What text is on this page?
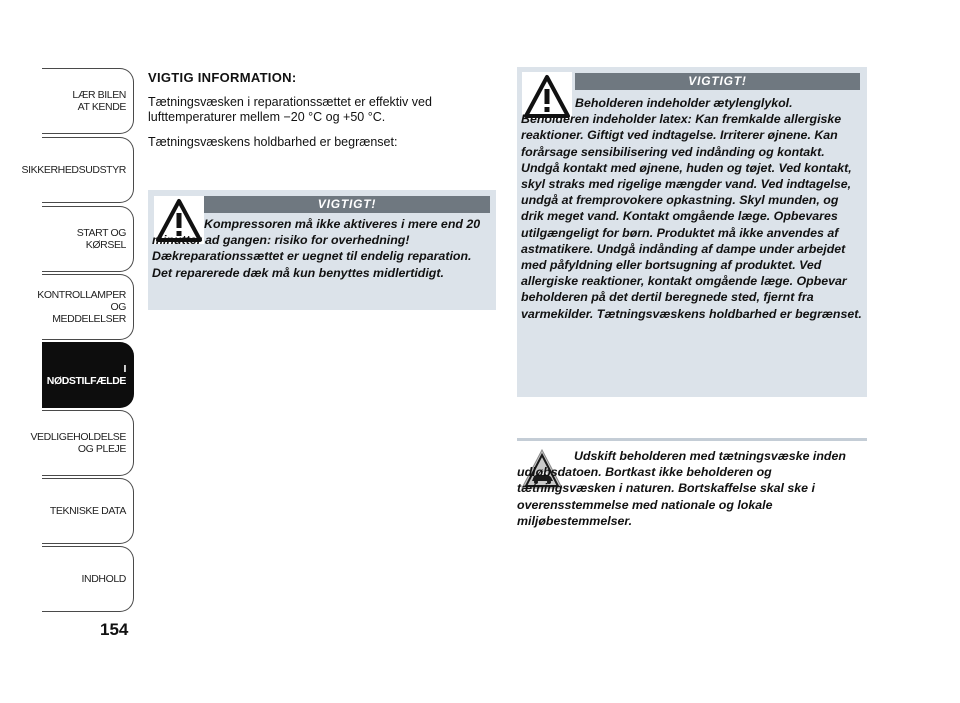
LÆR BILEN
AT KENDE
SIKKERHEDSUDSTYR
START OG KØRSEL
KONTROLLAMPER
OG MEDDELELSER
I NØDSTILFÆLDE
VEDLIGEHOLDELSE
OG PLEJE
TEKNISKE DATA
INDHOLD
154
VIGTIG INFORMATION:
Tætningsvæsken i reparationssættet er effektiv ved lufttemperaturer mellem −20 °C og +50 °C.
Tætningsvæskens holdbarhed er begrænset:
VIGTIGT!
Kompressoren må ikke aktiveres i mere end 20 minutter ad gangen: risiko for overhedning! Dækreparationssættet er uegnet til endelig reparation. Det reparerede dæk må kun benyttes midlertidigt.
VIGTIGT!
Beholderen indeholder ætylenglykol. Beholderen indeholder latex: Kan fremkalde allergiske reaktioner. Giftigt ved indtagelse. Irriterer øjnene. Kan forårsage sensibilisering ved indånding og kontakt. Undgå kontakt med øjnene, huden og tøjet. Ved kontakt, skyl straks med rigelige mængder vand. Ved indtagelse, undgå at fremprovokere opkastning. Skyl munden, og drik meget vand. Kontakt omgående læge. Opbevares utilgængeligt for børn. Produktet må ikke anvendes af astmatikere. Undgå indånding af dampe under arbejdet med påfyldning eller bortsugning af produktet. Ved allergiske reaktioner, kontakt omgående læge. Opbevar beholderen på det dertil beregnede sted, fjernt fra varmekilder. Tætningsvæskens holdbarhed er begrænset.
Udskift beholderen med tætningsvæske inden udløbsdatoen. Bortkast ikke beholderen og tætningsvæsken i naturen. Bortskaffelse skal ske i overensstemmelse med nationale og lokale miljøbestemmelser.
